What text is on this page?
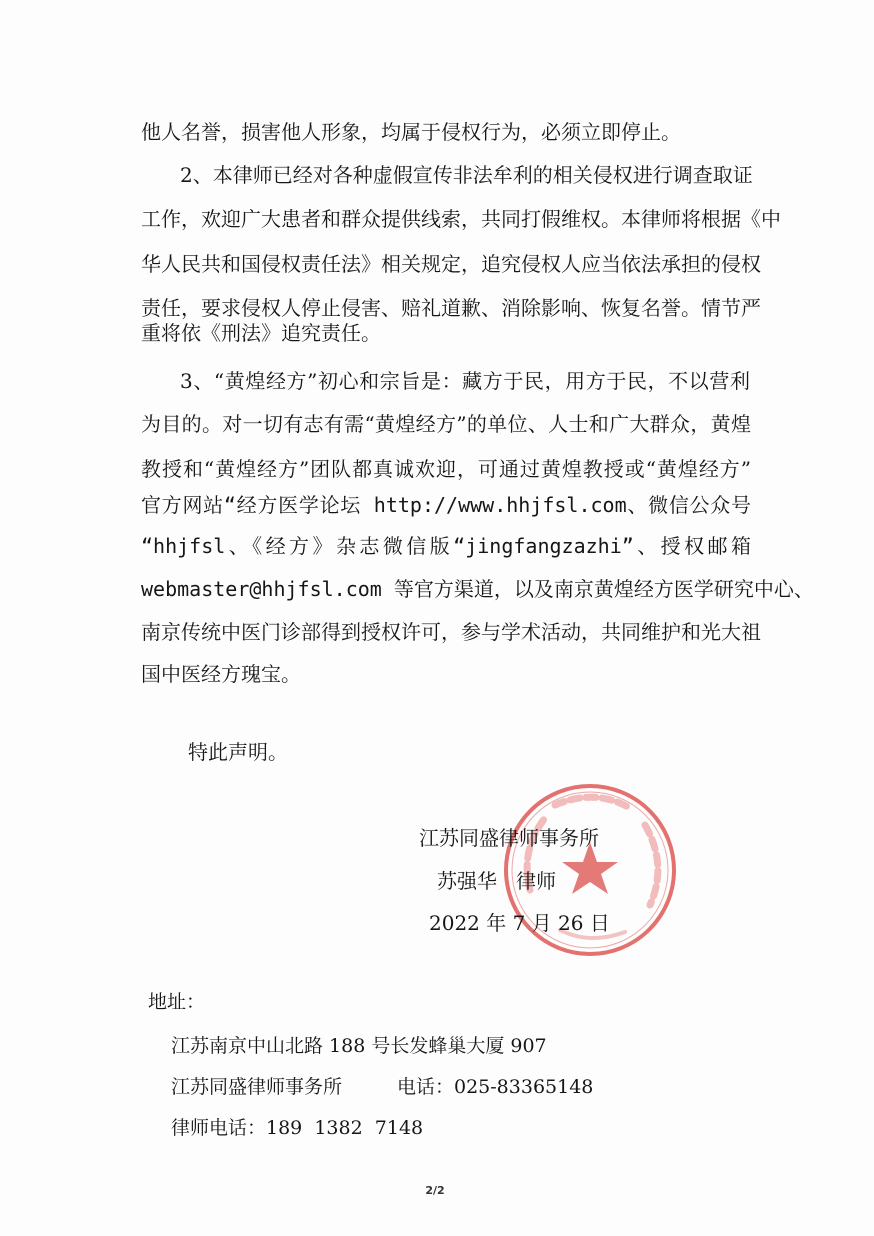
他人名誉，损害他人形象，均属于侵权行为，必须立即停止。
2、本律师已经对各种虚假宣传非法牟利的相关侵权进行调查取证
工作，欢迎广大患者和群众提供线索，共同打假维权。本律师将根据《中
华人民共和国侵权责任法》相关规定，追究侵权人应当依法承担的侵权
责任，要求侵权人停止侵害、赔礼道歉、消除影响、恢复名誉。情节严
重将依《刑法》追究责任。
3、“黄煌经方”初心和宗旨是：藏方于民，用方于民，不以营利
为目的。对一切有志有需“黄煌经方”的单位、人士和广大群众，黄煌
教授和“黄煌经方”团队都真诚欢迎，可通过黄煌教授或“黄煌经方”
官方网站“经方医学论坛 http://www.hhjfsl.com、微信公众号
“hhjfsl、《经方》杂志微信版“jingfangzazhi”、授权邮箱
webmaster@hhjfsl.com 等官方渠道，以及南京黄煌经方医学研究中心、
南京传统中医门诊部得到授权许可，参与学术活动，共同维护和光大祖
国中医经方瑰宝。
特此声明。
江苏同盛律师事务所
苏强华   律师
2022 年 7 月 26 日
地址：
江苏南京中山北路 188 号长发蜂巢大厦 907
江苏同盛律师事务所	电话：025-83365148
律师电话：189  1382  7148
2/2
